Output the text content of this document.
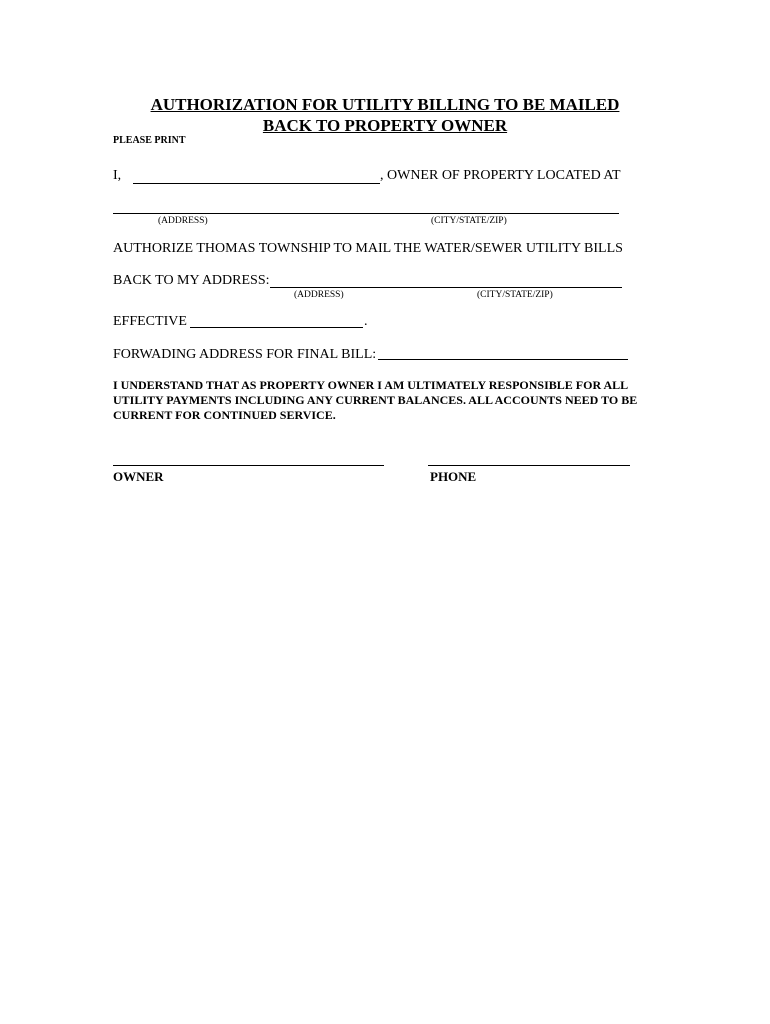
AUTHORIZATION FOR UTILITY BILLING TO BE MAILED
BACK TO PROPERTY OWNER
PLEASE PRINT
I,	, OWNER OF PROPERTY LOCATED AT
(ADDRESS)	(CITY/STATE/ZIP)
AUTHORIZE THOMAS TOWNSHIP TO MAIL THE WATER/SEWER UTILITY BILLS
BACK TO MY ADDRESS:
(ADDRESS)	(CITY/STATE/ZIP)
EFFECTIVE	.
FORWADING ADDRESS FOR FINAL BILL:
I UNDERSTAND THAT AS PROPERTY OWNER I AM ULTIMATELY RESPONSIBLE FOR ALL UTILITY PAYMENTS INCLUDING ANY CURRENT BALANCES. ALL ACCOUNTS NEED TO BE CURRENT FOR CONTINUED SERVICE.
OWNER	PHONE
